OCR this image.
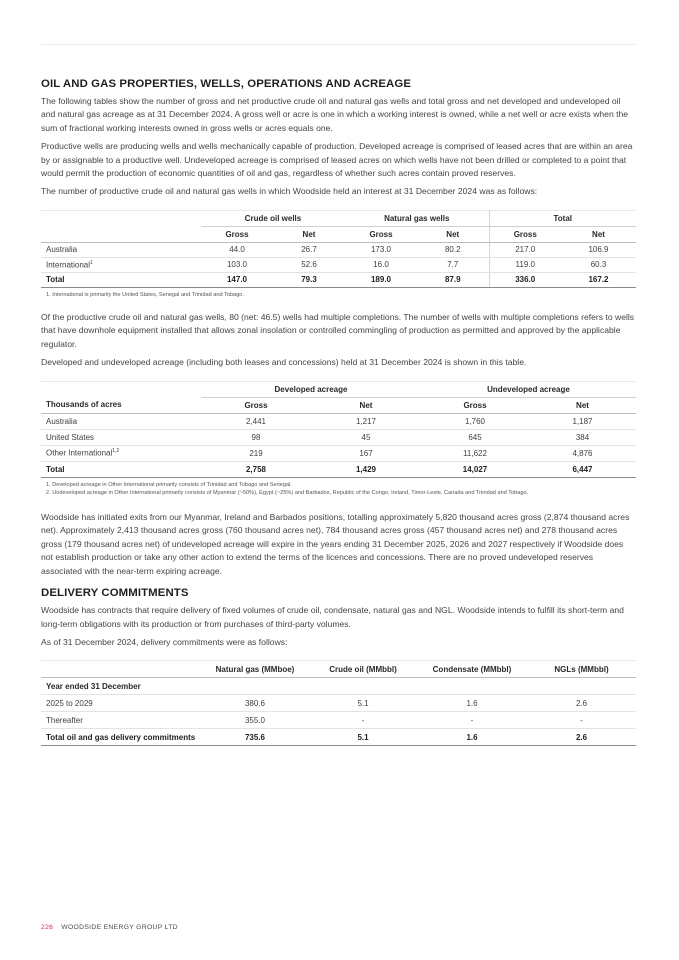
OIL AND GAS PROPERTIES, WELLS, OPERATIONS AND ACREAGE

The following tables show the number of gross and net productive crude oil and natural gas wells and total gross and net developed and undeveloped oil and natural gas acreage as at 31 December 2024. A gross well or acre is one in which a working interest is owned, while a net well or acre exists when the sum of fractional working interests owned in gross wells or acres equals one.

Productive wells are producing wells and wells mechanically capable of production. Developed acreage is comprised of leased acres that are within an area by or assignable to a productive well. Undeveloped acreage is comprised of leased acres on which wells have not been drilled or completed to a point that would permit the production of economic quantities of oil and gas, regardless of whether such acres contain proved reserves.

The number of productive crude oil and natural gas wells in which Woodside held an interest at 31 December 2024 was as follows:

	Crude oil wells		Natural gas wells		Total	
	Gross	Net	Gross	Net	Gross	Net
Australia	44.0	26.7	173.0	80.2	217.0	106.9
International$^1$	103.0	52.6	16.0	7.7	119.0	60.3
Total	147.0	79.3	189.0	87.9	336.0	167.2

1. International is primarily the United States, Senegal and Trinidad and Tobago.

Of the productive crude oil and natural gas wells, 80 (net: 46.5) wells had multiple completions. The number of wells with multiple completions refers to wells that have downhole equipment installed that allows zonal insolation or controlled commingling of production as permitted and approved by the applicable regulator.

Developed and undeveloped acreage (including both leases and concessions) held at 31 December 2024 is shown in this table.

	Developed acreage		Undeveloped acreage	
Thousands of acres	Gross	Net	Gross	Net
Australia	2,441	1,217	1,760	1,187
United States	98	45	645	384
Other International$^{1,2}$	219	167	11,622	4,876
Total	2,758	1,429	14,027	6,447

1. Developed acreage in Other International primarily consists of Trinidad and Tobago and Senegal.

2. Undeveloped acreage in Other International primarily consists of Myanmar (~50%), Egypt (~25%) and Barbados, Republic of the Congo, Ireland, Timor-Leste, Canada and Trinidad and Tobago.

Woodside has initiated exits from our Myanmar, Ireland and Barbados positions, totalling approximately 5,820 thousand acres gross (2,874 thousand acres net). Approximately 2,413 thousand acres gross (760 thousand acres net), 784 thousand acres gross (457 thousand acres net) and 278 thousand acres gross (179 thousand acres net) of undeveloped acreage will expire in the years ending 31 December 2025, 2026 and 2027 respectively if Woodside does not establish production or take any other action to extend the terms of the licences and concessions. There are no proved undeveloped reserves associated with the near-term expiring acreage.

DELIVERY COMMITMENTS

Woodside has contracts that require delivery of fixed volumes of crude oil, condensate, natural gas and NGL. Woodside intends to fulfill its short-term and long-term obligations with its production or from purchases of third-party volumes.

As of 31 December 2024, delivery commitments were as follows:

	Natural gas (MMboe)	Crude oil (MMbbl)	Condensate (MMbbl)	NGLs (MMbbl)
Year ended 31 December				
2025 to 2029	380.6	5.1	1.6	2.6
Thereafter	355.0	-	-	-
Total oil and gas delivery commitments	735.6	5.1	1.6	2.6
226 WOODSIDE ENERGY GROUP LTD
